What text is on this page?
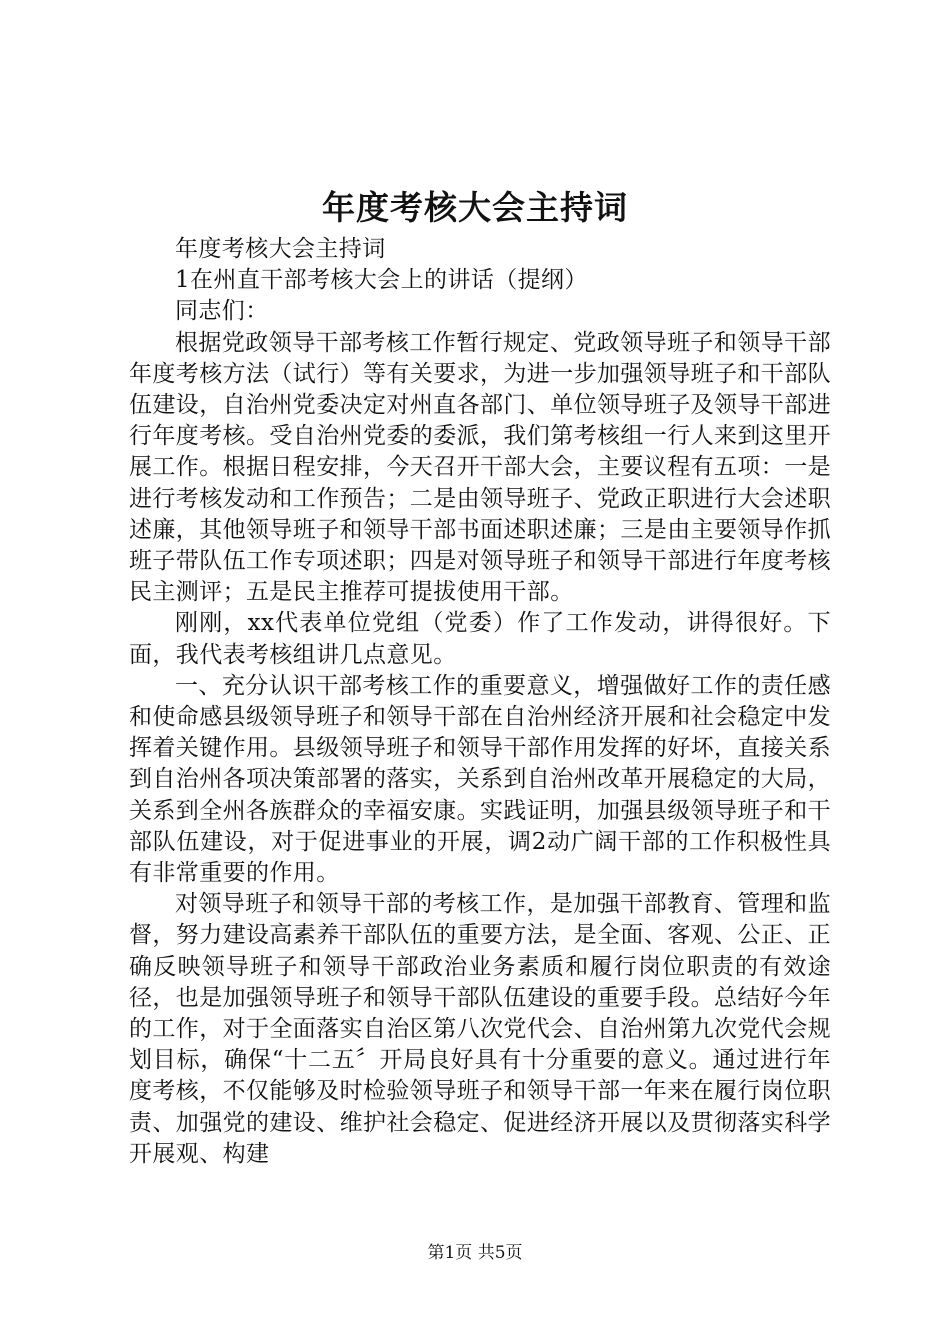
年度考核大会主持词

年度考核大会主持词

1在州直干部考核大会上的讲话（提纲）

同志们：

根据党政领导干部考核工作暂行规定、党政领导班子和领导干部年度考核方法（试行）等有关要求，为进一步加强领导班子和干部队伍建设，自治州党委决定对州直各部门、单位领导班子及领导干部进行年度考核。受自治州党委的委派，我们第考核组一行人来到这里开展工作。根据日程安排，今天召开干部大会，主要议程有五项：一是进行考核发动和工作预告；二是由领导班子、党政正职进行大会述职述廉，其他领导班子和领导干部书面述职述廉；三是由主要领导作抓班子带队伍工作专项述职；四是对领导班子和领导干部进行年度考核民主测评；五是民主推荐可提拔使用干部。

刚刚，xx代表单位党组（党委）作了工作发动，讲得很好。下面，我代表考核组讲几点意见。

一、充分认识干部考核工作的重要意义，增强做好工作的责任感和使命感县级领导班子和领导干部在自治州经济开展和社会稳定中发挥着关键作用。县级领导班子和领导干部作用发挥的好坏，直接关系到自治州各项决策部署的落实，关系到自治州改革开展稳定的大局，关系到全州各族群众的幸福安康。实践证明，加强县级领导班子和干部队伍建设，对于促进事业的开展，调2动广阔干部的工作积极性具有非常重要的作用。

对领导班子和领导干部的考核工作，是加强干部教育、管理和监督，努力建设高素养干部队伍的重要方法，是全面、客观、公正、正确反映领导班子和领导干部政治业务素质和履行岗位职责的有效途径，也是加强领导班子和领导干部队伍建设的重要手段。总结好今年的工作，对于全面落实自治区第八次党代会、自治州第九次党代会规划目标，确保“十二五〞开局良好具有十分重要的意义。通过进行年度考核，不仅能够及时检验领导班子和领导干部一年来在履行岗位职责、加强党的建设、维护社会稳定、促进经济开展以及贯彻落实科学开展观、构建

第1页 共5页
